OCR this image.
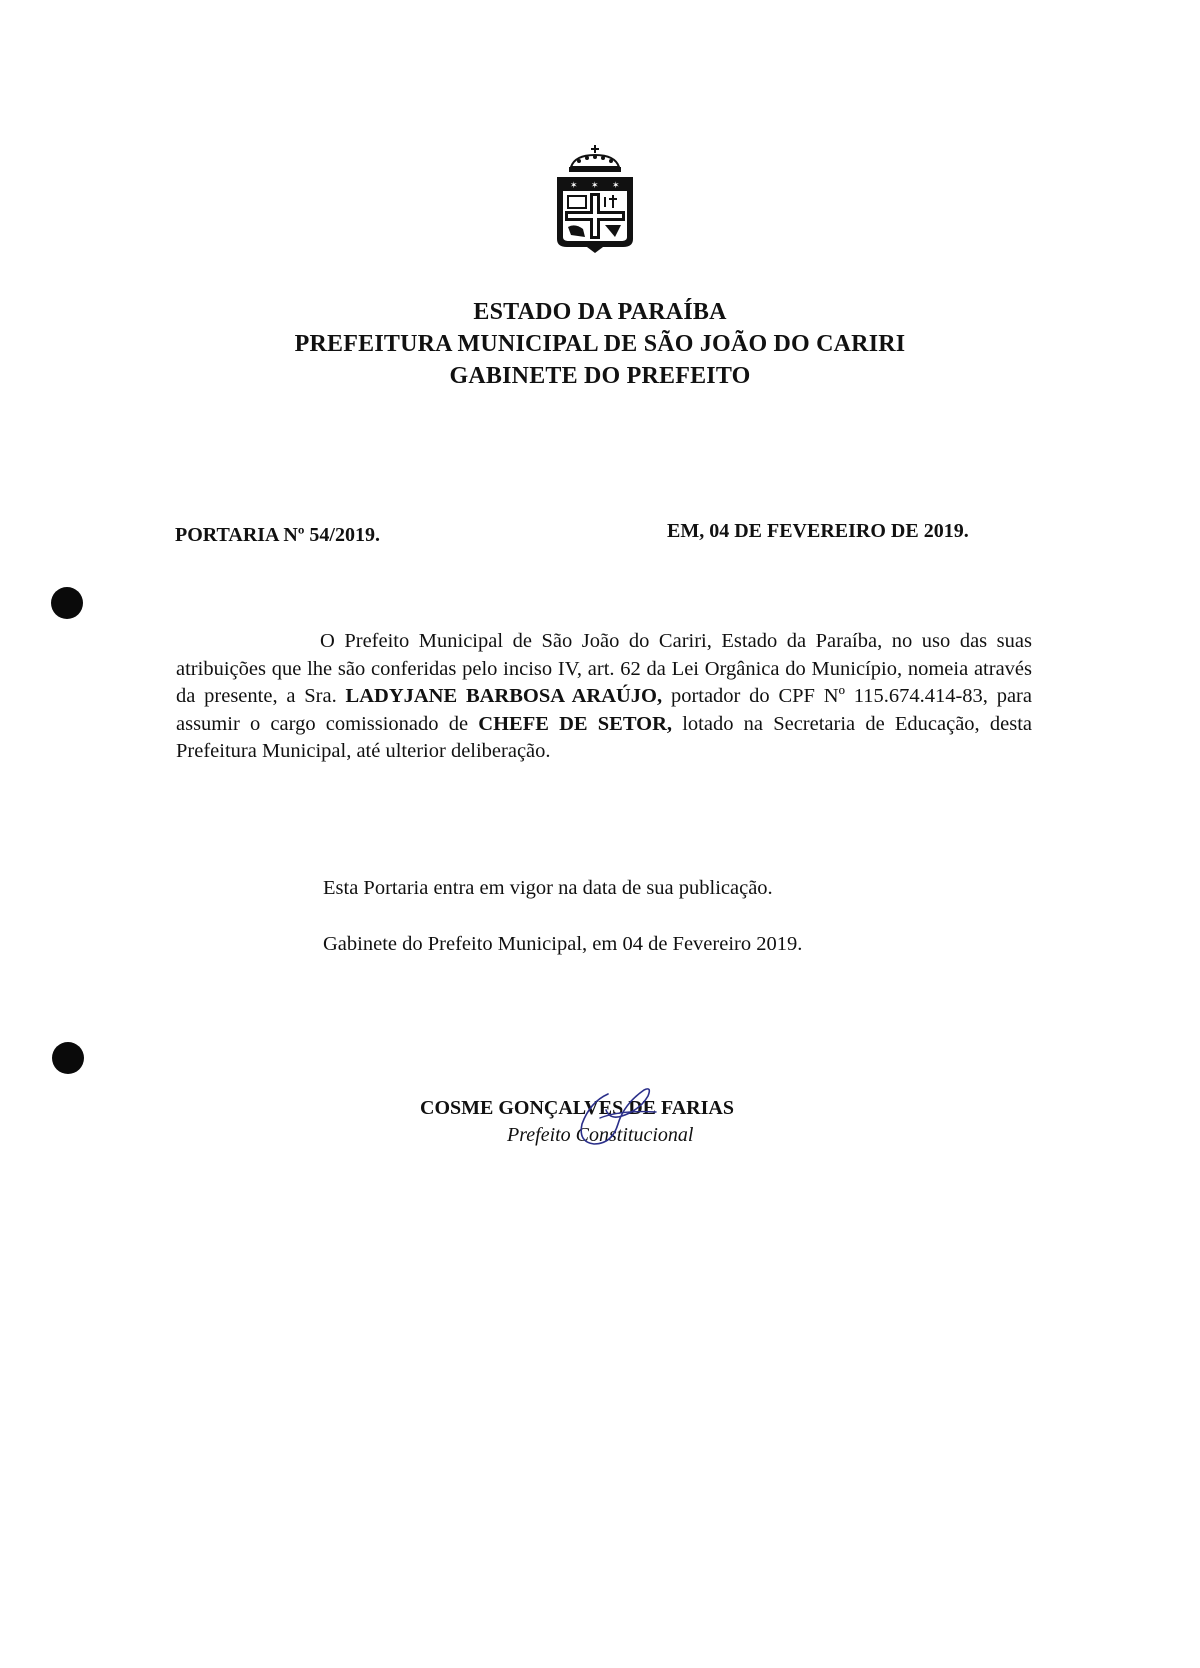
✶ ✶ ✶
ESTADO DA PARAÍBA
PREFEITURA MUNICIPAL DE SÃO JOÃO DO CARIRI
GABINETE DO PREFEITO
PORTARIA Nº 54/2019.	EM, 04 DE FEVEREIRO DE 2019.
O Prefeito Municipal de São João do Cariri, Estado da Paraíba, no uso das suas atribuições que lhe são conferidas pelo inciso IV, art. 62 da Lei Orgânica do Município, nomeia através da presente, a Sra. LADYJANE BARBOSA ARAÚJO, portador do CPF Nº 115.674.414-83, para assumir o cargo comissionado de CHEFE DE SETOR, lotado na Secretaria de Educação, desta Prefeitura Municipal, até ulterior deliberação.
Esta Portaria entra em vigor na data de sua publicação.
Gabinete do Prefeito Municipal, em 04 de Fevereiro 2019.
COSME GONÇALVES DE FARIAS
Prefeito Constitucional
